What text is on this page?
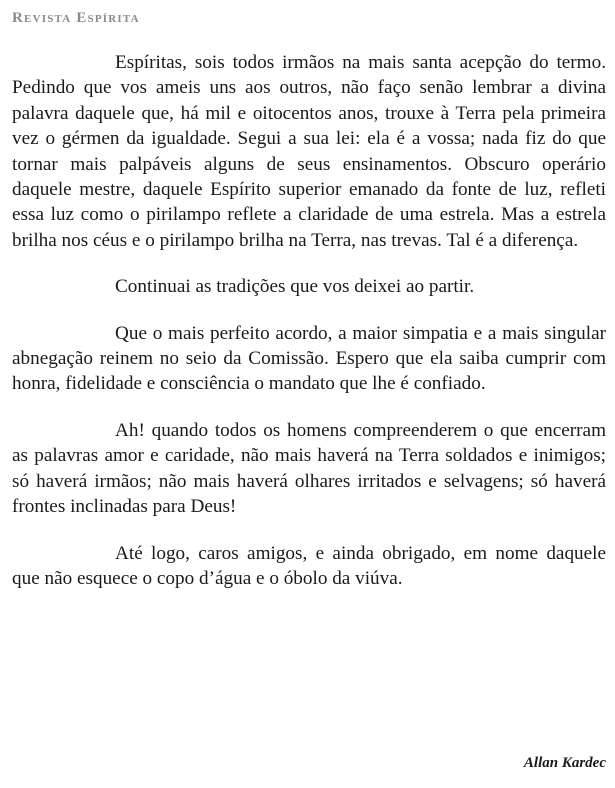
Revista Espírita

Espíritas, sois todos irmãos na mais santa acepção do termo. Pedindo que vos ameis uns aos outros, não faço senão lembrar a divina palavra daquele que, há mil e oitocentos anos, trouxe à Terra pela primeira vez o gérmen da igualdade. Segui a sua lei: ela é a vossa; nada fiz do que tornar mais palpáveis alguns de seus ensinamentos. Obscuro operário daquele mestre, daquele Espírito superior emanado da fonte de luz, refleti essa luz como o pirilampo reflete a claridade de uma estrela. Mas a estrela brilha nos céus e o pirilampo brilha na Terra, nas trevas. Tal é a diferença.

Continuai as tradições que vos deixei ao partir.

Que o mais perfeito acordo, a maior simpatia e a mais singular abnegação reinem no seio da Comissão. Espero que ela saiba cumprir com honra, fidelidade e consciência o mandato que lhe é confiado.

Ah! quando todos os homens compreenderem o que encerram as palavras amor e caridade, não mais haverá na Terra soldados e inimigos; só haverá irmãos; não mais haverá olhares irritados e selvagens; só haverá frontes inclinadas para Deus!

Até logo, caros amigos, e ainda obrigado, em nome daquele que não esquece o copo d’água e o óbolo da viúva.

Allan Kardec
